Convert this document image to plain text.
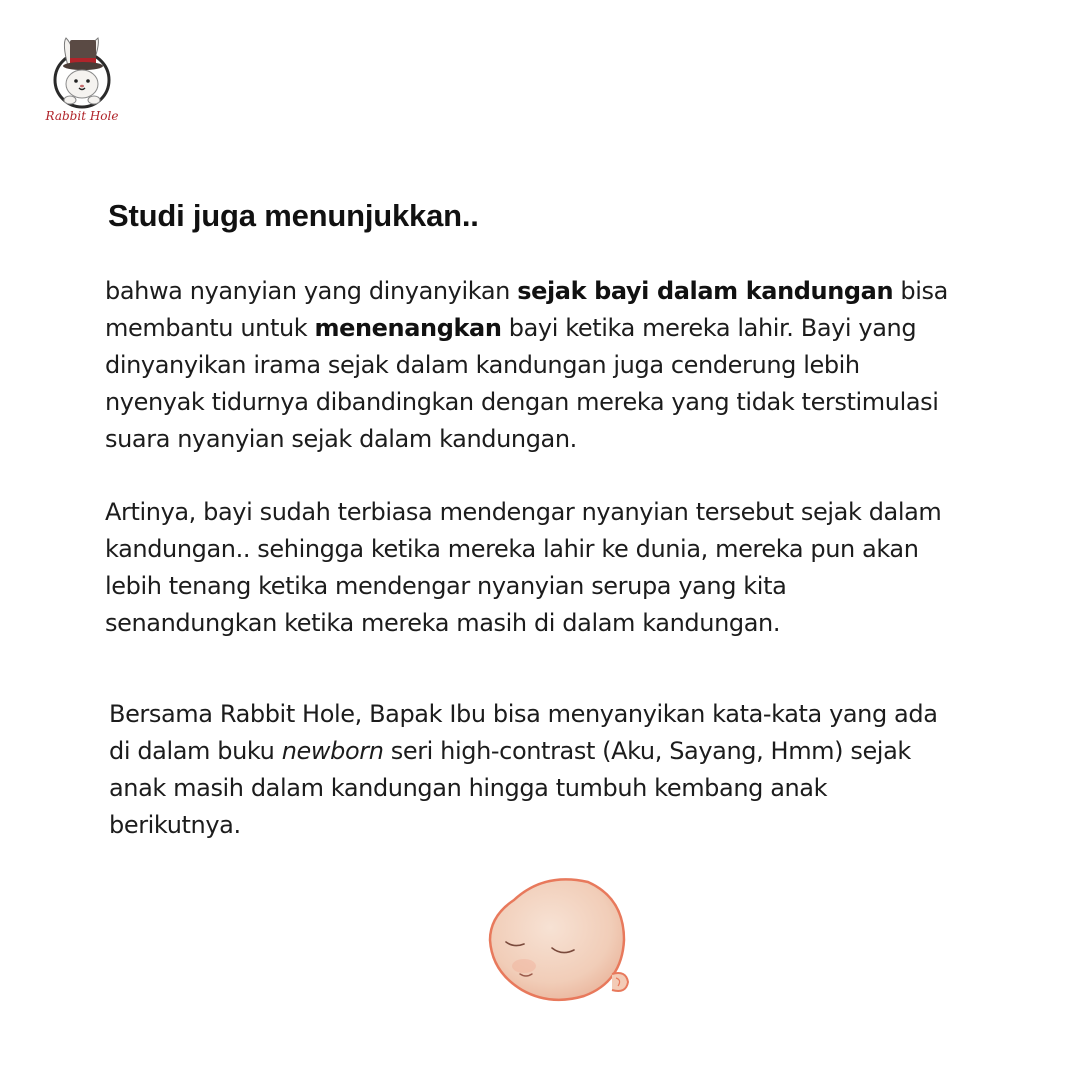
Rabbit Hole
Studi juga menunjukkan..

bahwa nyanyian yang dinyanyikan sejak bayi dalam kandungan bisa
membantu untuk menenangkan bayi ketika mereka lahir. Bayi yang
dinyanyikan irama sejak dalam kandungan juga cenderung lebih
nyenyak tidurnya dibandingkan dengan mereka yang tidak terstimulasi
suara nyanyian sejak dalam kandungan.

Artinya, bayi sudah terbiasa mendengar nyanyian tersebut sejak dalam
kandungan.. sehingga ketika mereka lahir ke dunia, mereka pun akan
lebih tenang ketika mendengar nyanyian serupa yang kita
senandungkan ketika mereka masih di dalam kandungan.

Bersama Rabbit Hole, Bapak Ibu bisa menyanyikan kata-kata yang ada
di dalam buku newborn seri high-contrast (Aku, Sayang, Hmm) sejak
anak masih dalam kandungan hingga tumbuh kembang anak
berikutnya.
